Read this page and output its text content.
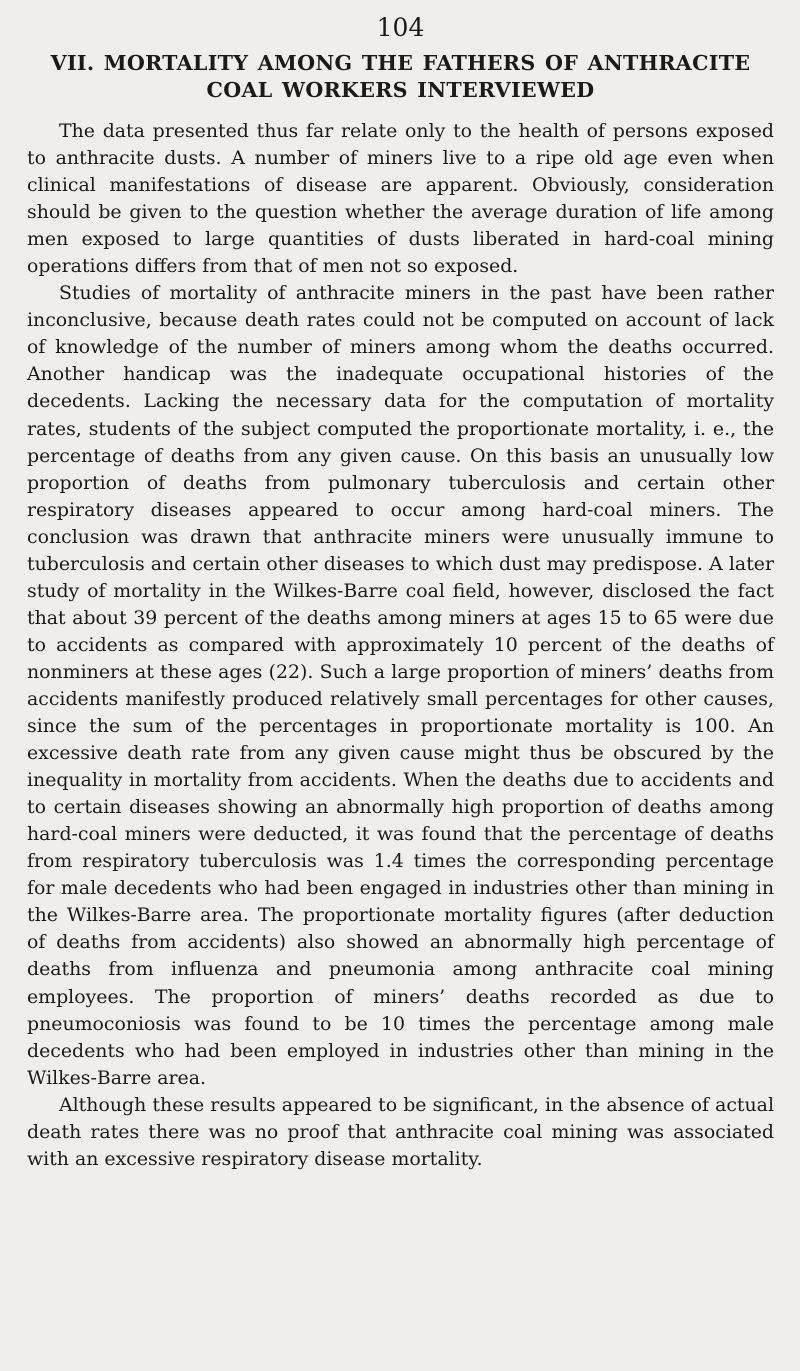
104
VII. MORTALITY AMONG THE FATHERS OF ANTHRACITE
COAL WORKERS INTERVIEWED

The data presented thus far relate only to the health of persons exposed to anthracite dusts. A number of miners live to a ripe old age even when clinical manifestations of disease are apparent. Obviously, consideration should be given to the question whether the average duration of life among men exposed to large quantities of dusts liberated in hard-coal mining operations differs from that of men not so exposed.

Studies of mortality of anthracite miners in the past have been rather inconclusive, because death rates could not be computed on account of lack of knowledge of the number of miners among whom the deaths occurred. Another handicap was the inadequate occupational histories of the decedents. Lacking the necessary data for the computation of mortality rates, students of the subject computed the proportionate mortality, i. e., the percentage of deaths from any given cause. On this basis an unusually low proportion of deaths from pulmonary tuberculosis and certain other respiratory diseases appeared to occur among hard-coal miners. The conclusion was drawn that anthracite miners were unusually immune to tuberculosis and certain other diseases to which dust may predispose. A later study of mortality in the Wilkes-Barre coal field, however, disclosed the fact that about 39 percent of the deaths among miners at ages 15 to 65 were due to accidents as compared with approximately 10 percent of the deaths of nonminers at these ages (22). Such a large proportion of miners’ deaths from accidents manifestly produced relatively small percentages for other causes, since the sum of the percentages in proportionate mortality is 100. An excessive death rate from any given cause might thus be obscured by the inequality in mortality from accidents. When the deaths due to accidents and to certain diseases showing an abnormally high proportion of deaths among hard-coal miners were deducted, it was found that the percentage of deaths from respiratory tuberculosis was 1.4 times the corresponding percentage for male decedents who had been engaged in industries other than mining in the Wilkes-Barre area. The proportionate mortality figures (after deduction of deaths from accidents) also showed an abnormally high percentage of deaths from influenza and pneumonia among anthracite coal mining employees. The proportion of miners’ deaths recorded as due to pneumoconiosis was found to be 10 times the percentage among male decedents who had been employed in industries other than mining in the Wilkes-Barre area.

Although these results appeared to be significant, in the absence of actual death rates there was no proof that anthracite coal mining was associated with an excessive respiratory disease mortality.
